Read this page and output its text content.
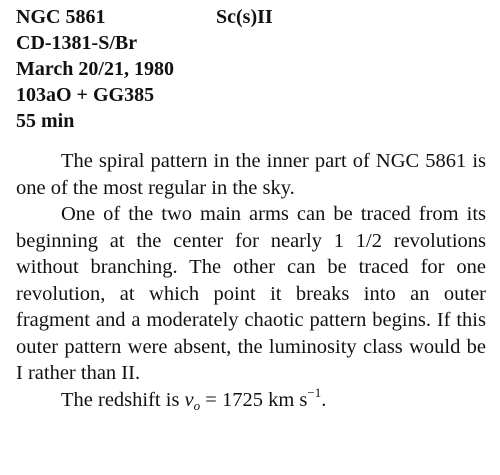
NGC 5861	Sc(s)II
CD-1381-S/Br
March 20/21, 1980
103aO + GG385
55 min

The spiral pattern in the inner part of NGC 5861 is one of the most regular in the sky.

One of the two main arms can be traced from its beginning at the center for nearly 1 1/2 revolutions without branching. The other can be traced for one revolution, at which point it breaks into an outer fragment and a moderately chaotic pattern begins. If this outer pattern were absent, the luminosity class would be I rather than II.

The redshift is $v_o = 1725$ km $s^{-1}$.
